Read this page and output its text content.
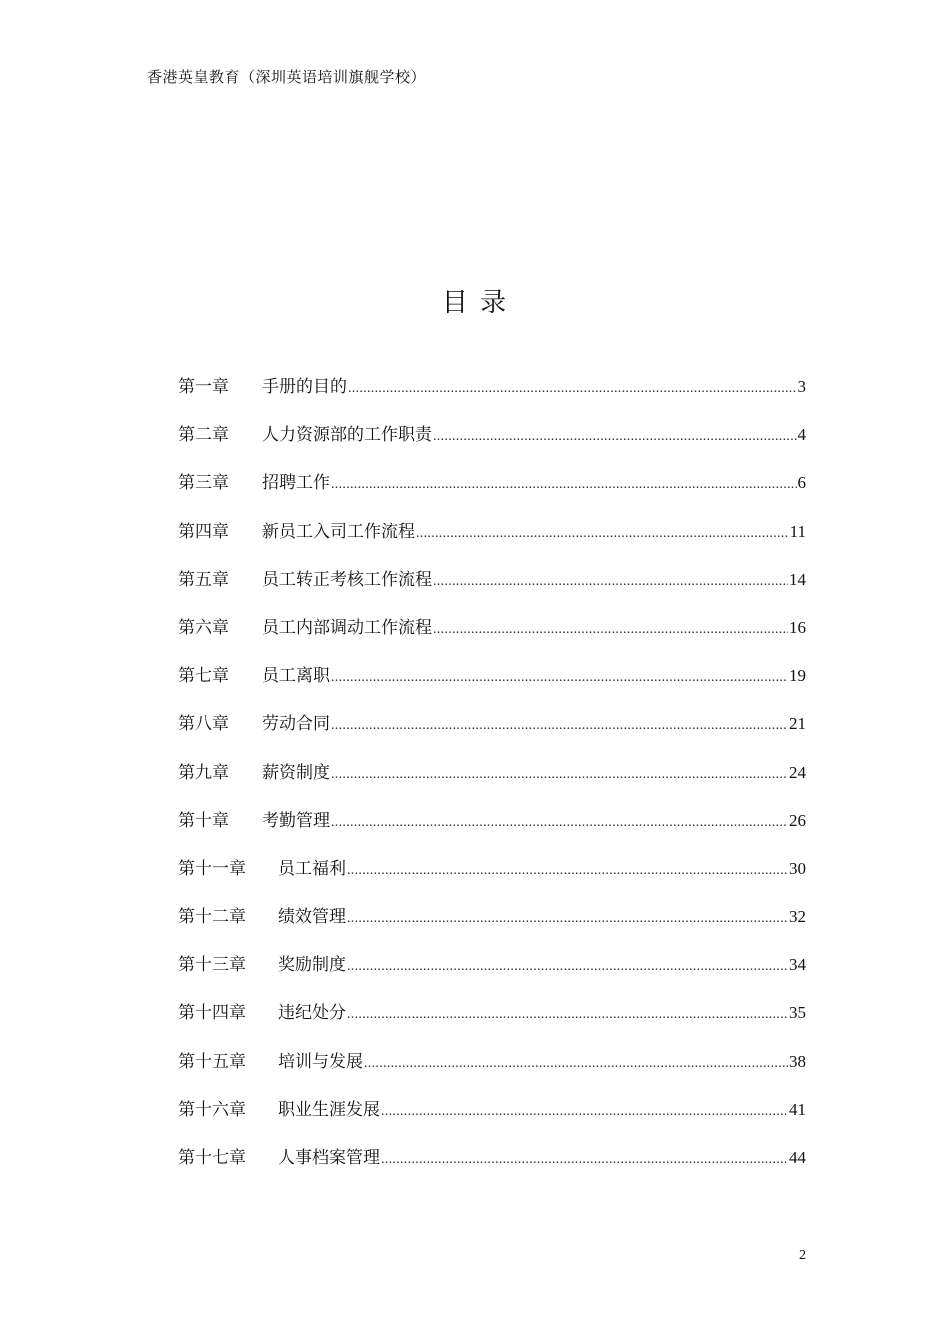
香港英皇教育（深圳英语培训旗舰学校）
目 录
第一章	手册的目的 .....	3
第二章	人力资源部的工作职责 .....	4
第三章	招聘工作 .....	6
第四章	新员工入司工作流程 .....	11
第五章	员工转正考核工作流程 .....	14
第六章	员工内部调动工作流程 .....	16
第七章	员工离职 .....	19
第八章	劳动合同 .....	21
第九章	薪资制度 .....	24
第十章	考勤管理 .....	26
第十一章	员工福利 .....	30
第十二章	绩效管理 .....	32
第十三章	奖励制度 .....	34
第十四章	违纪处分 .....	35
第十五章	培训与发展 .....	38
第十六章	职业生涯发展 .....	41
第十七章	人事档案管理 .....	44
2
